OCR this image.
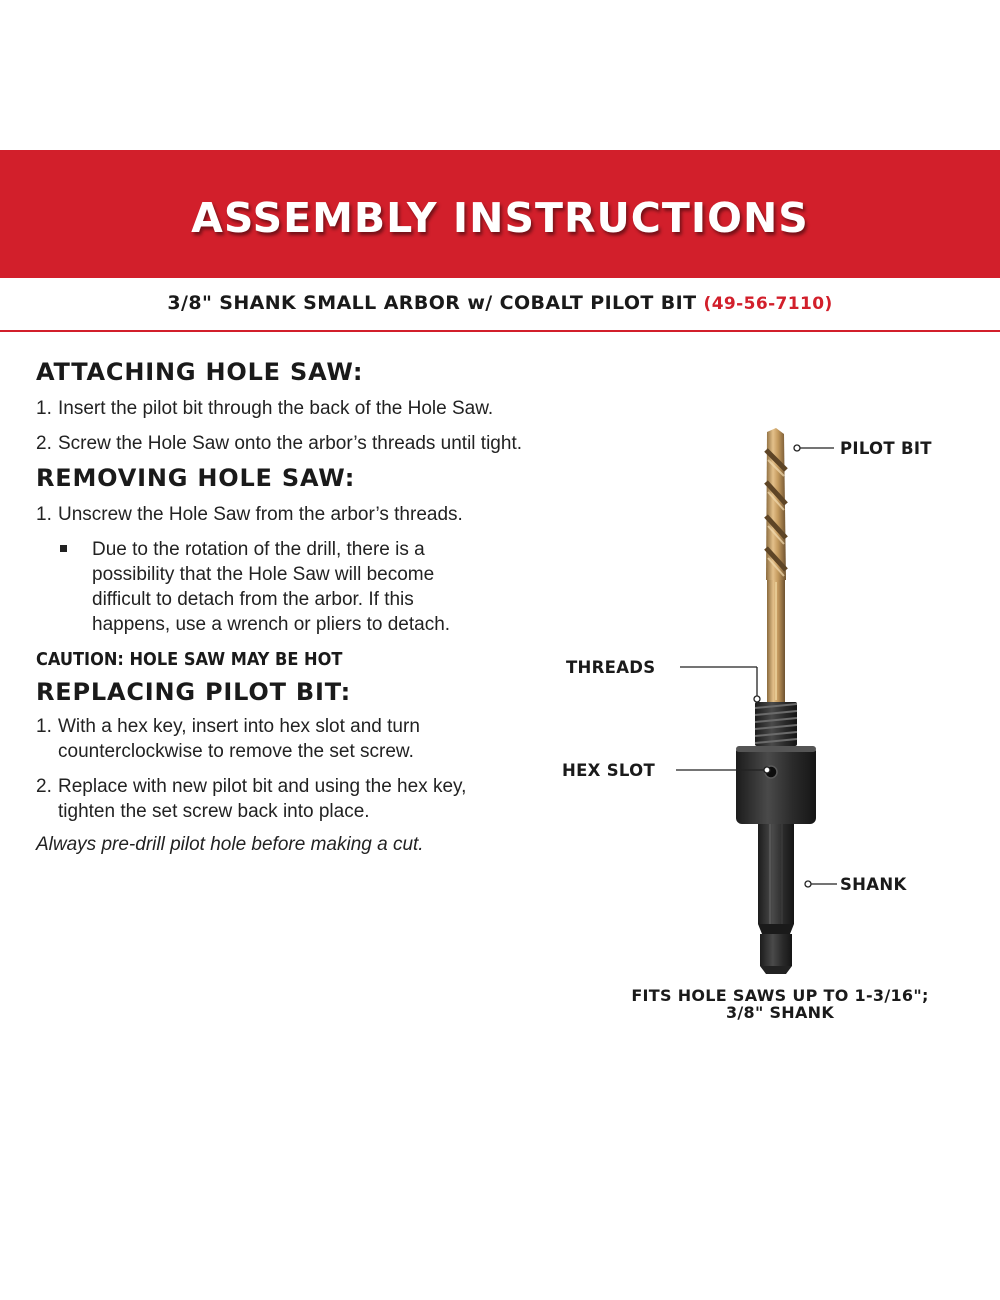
ASSEMBLY INSTRUCTIONS
3/8" SHANK SMALL ARBOR w/ COBALT PILOT BIT (49-56-7110)
ATTACHING HOLE SAW:

1. Insert the pilot bit through the back of the Hole Saw.

2. Screw the Hole Saw onto the arbor’s threads until tight.

REMOVING HOLE SAW:

1. Unscrew the Hole Saw from the arbor’s threads.

Due to the rotation of the drill, there is a possibility that the Hole Saw will become difficult to detach from the arbor. If this happens, use a wrench or pliers to detach.

CAUTION: HOLE SAW MAY BE HOT

REPLACING PILOT BIT:

1. With a hex key, insert into hex slot and turn counterclockwise to remove the set screw.

2. Replace with new pilot bit and using the hex key, tighten the set screw back into place.

Always pre-drill pilot hole before making a cut.

PILOT BIT
THREADS
HEX SLOT
SHANK
FITS HOLE SAWS UP TO 1-3/16";
3/8" SHANK
